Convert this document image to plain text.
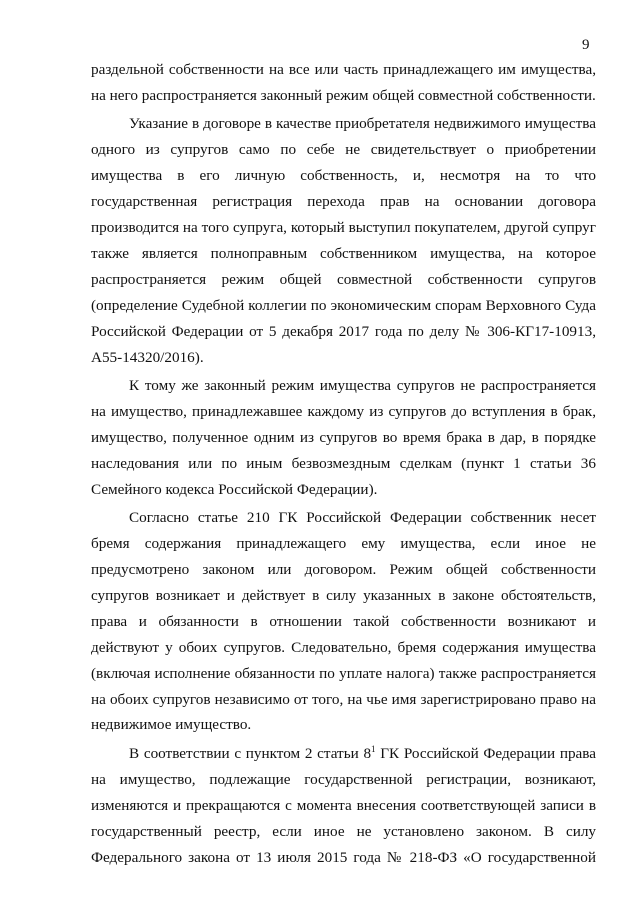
9

раздельной собственности на все или часть принадлежащего им имущества, на него распространяется законный режим общей совместной собственности.

Указание в договоре в качестве приобретателя недвижимого имущества одного из супругов само по себе не свидетельствует о приобретении имущества в его личную собственность, и, несмотря на то что государственная регистрация перехода прав на основании договора производится на того супруга, который выступил покупателем, другой супруг также является полноправным собственником имущества, на которое распространяется режим общей совместной собственности супругов (определение Судебной коллегии по экономическим спорам Верховного Суда Российской Федерации от 5 декабря 2017 года по делу № 306-КГ17-10913, А55-14320/2016).

К тому же законный режим имущества супругов не распространяется на имущество, принадлежавшее каждому из супругов до вступления в брак, имущество, полученное одним из супругов во время брака в дар, в порядке наследования или по иным безвозмездным сделкам (пункт 1 статьи 36 Семейного кодекса Российской Федерации).

Согласно статье 210 ГК Российской Федерации собственник несет бремя содержания принадлежащего ему имущества, если иное не предусмотрено законом или договором. Режим общей собственности супругов возникает и действует в силу указанных в законе обстоятельств, права и обязанности в отношении такой собственности возникают и действуют у обоих супругов. Следовательно, бремя содержания имущества (включая исполнение обязанности по уплате налога) также распространяется на обоих супругов независимо от того, на чье имя зарегистрировано право на недвижимое имущество.

В соответствии с пунктом 2 статьи $8^1$ ГК Российской Федерации права на имущество, подлежащие государственной регистрации, возникают, изменяются и прекращаются с момента внесения соответствующей записи в государственный реестр, если иное не установлено законом. В силу Федерального закона от 13 июля 2015 года № 218-ФЗ «О государственной
